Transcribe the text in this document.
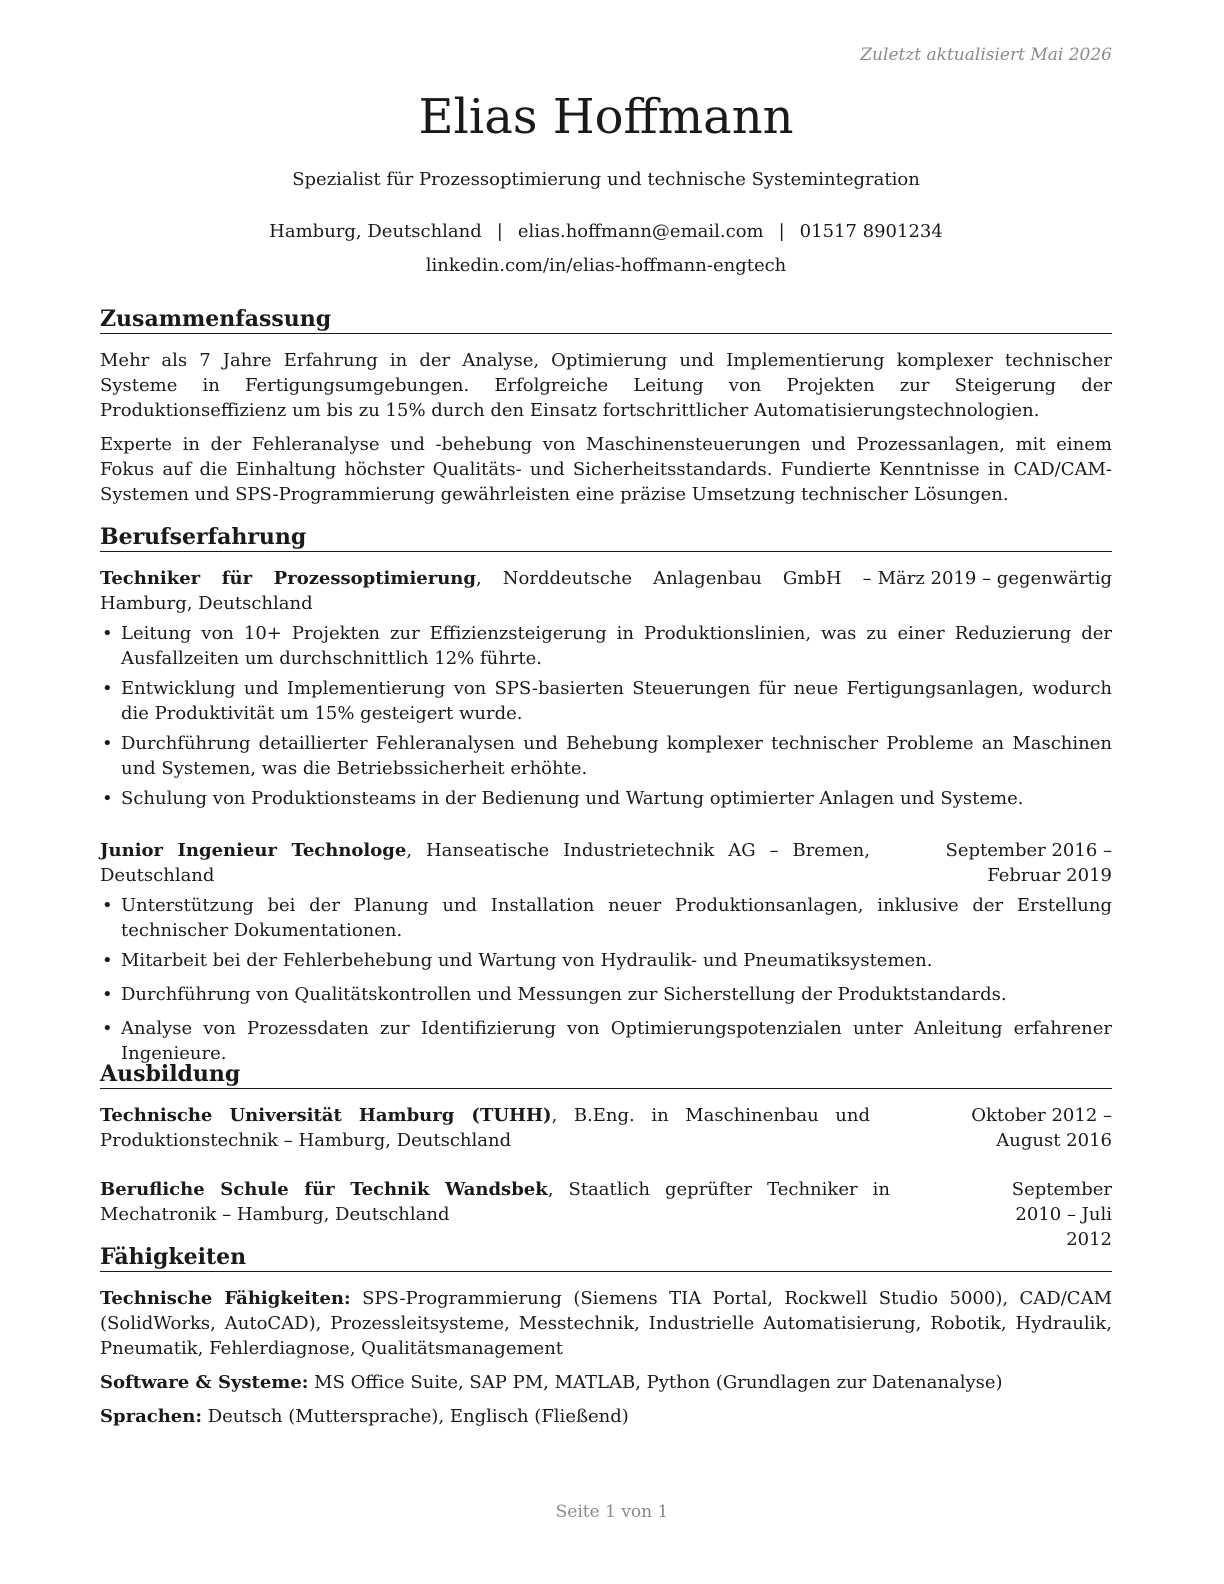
Zuletzt aktualisiert Mai 2026
Elias Hoffmann
Spezialist für Prozessoptimierung und technische Systemintegration
Hamburg, Deutschland | elias.hoffmann@email.com | 01517 8901234
linkedin.com/in/elias-hoffmann-engtech
Zusammenfassung
Mehr als 7 Jahre Erfahrung in der Analyse, Optimierung und Implementierung komplexer technischer Systeme in Fertigungsumgebungen. Erfolgreiche Leitung von Projekten zur Steigerung der Produktionseffizienz um bis zu 15% durch den Einsatz fortschrittlicher Automatisierungstechnologien.
Experte in der Fehleranalyse und -behebung von Maschinensteuerungen und Prozessanlagen, mit einem Fokus auf die Einhaltung höchster Qualitäts- und Sicherheitsstandards. Fundierte Kenntnisse in CAD/CAM-Systemen und SPS-Programmierung gewährleisten eine präzise Umsetzung technischer Lösungen.
Berufserfahrung
Techniker für Prozessoptimierung, Norddeutsche Anlagenbau GmbH – Hamburg, Deutschland
März 2019 – gegenwärtig
• Leitung von 10+ Projekten zur Effizienzsteigerung in Produktionslinien, was zu einer Reduzierung der Ausfallzeiten um durchschnittlich 12% führte.
• Entwicklung und Implementierung von SPS-basierten Steuerungen für neue Fertigungsanlagen, wodurch die Produktivität um 15% gesteigert wurde.
• Durchführung detaillierter Fehleranalysen und Behebung komplexer technischer Probleme an Maschinen und Systemen, was die Betriebssicherheit erhöhte.
• Schulung von Produktionsteams in der Bedienung und Wartung optimierter Anlagen und Systeme.
Junior Ingenieur Technologe, Hanseatische Industrietechnik AG – Bremen, Deutschland
September 2016 – Februar 2019
• Unterstützung bei der Planung und Installation neuer Produktionsanlagen, inklusive der Erstellung technischer Dokumentationen.
• Mitarbeit bei der Fehlerbehebung und Wartung von Hydraulik- und Pneumatiksystemen.
• Durchführung von Qualitätskontrollen und Messungen zur Sicherstellung der Produktstandards.
• Analyse von Prozessdaten zur Identifizierung von Optimierungspotenzialen unter Anleitung erfahrener Ingenieure.
Ausbildung
Technische Universität Hamburg (TUHH), B.Eng. in Maschinenbau und Produktionstechnik – Hamburg, Deutschland
Oktober 2012 – August 2016
Berufliche Schule für Technik Wandsbek, Staatlich geprüfter Techniker in Mechatronik – Hamburg, Deutschland
September 2010 – Juli 2012
Fähigkeiten
Technische Fähigkeiten: SPS-Programmierung (Siemens TIA Portal, Rockwell Studio 5000), CAD/CAM (SolidWorks, AutoCAD), Prozessleitsysteme, Messtechnik, Industrielle Automatisierung, Robotik, Hydraulik, Pneumatik, Fehlerdiagnose, Qualitätsmanagement
Software & Systeme: MS Office Suite, SAP PM, MATLAB, Python (Grundlagen zur Datenanalyse)
Sprachen: Deutsch (Muttersprache), Englisch (Fließend)
Seite 1 von 1
